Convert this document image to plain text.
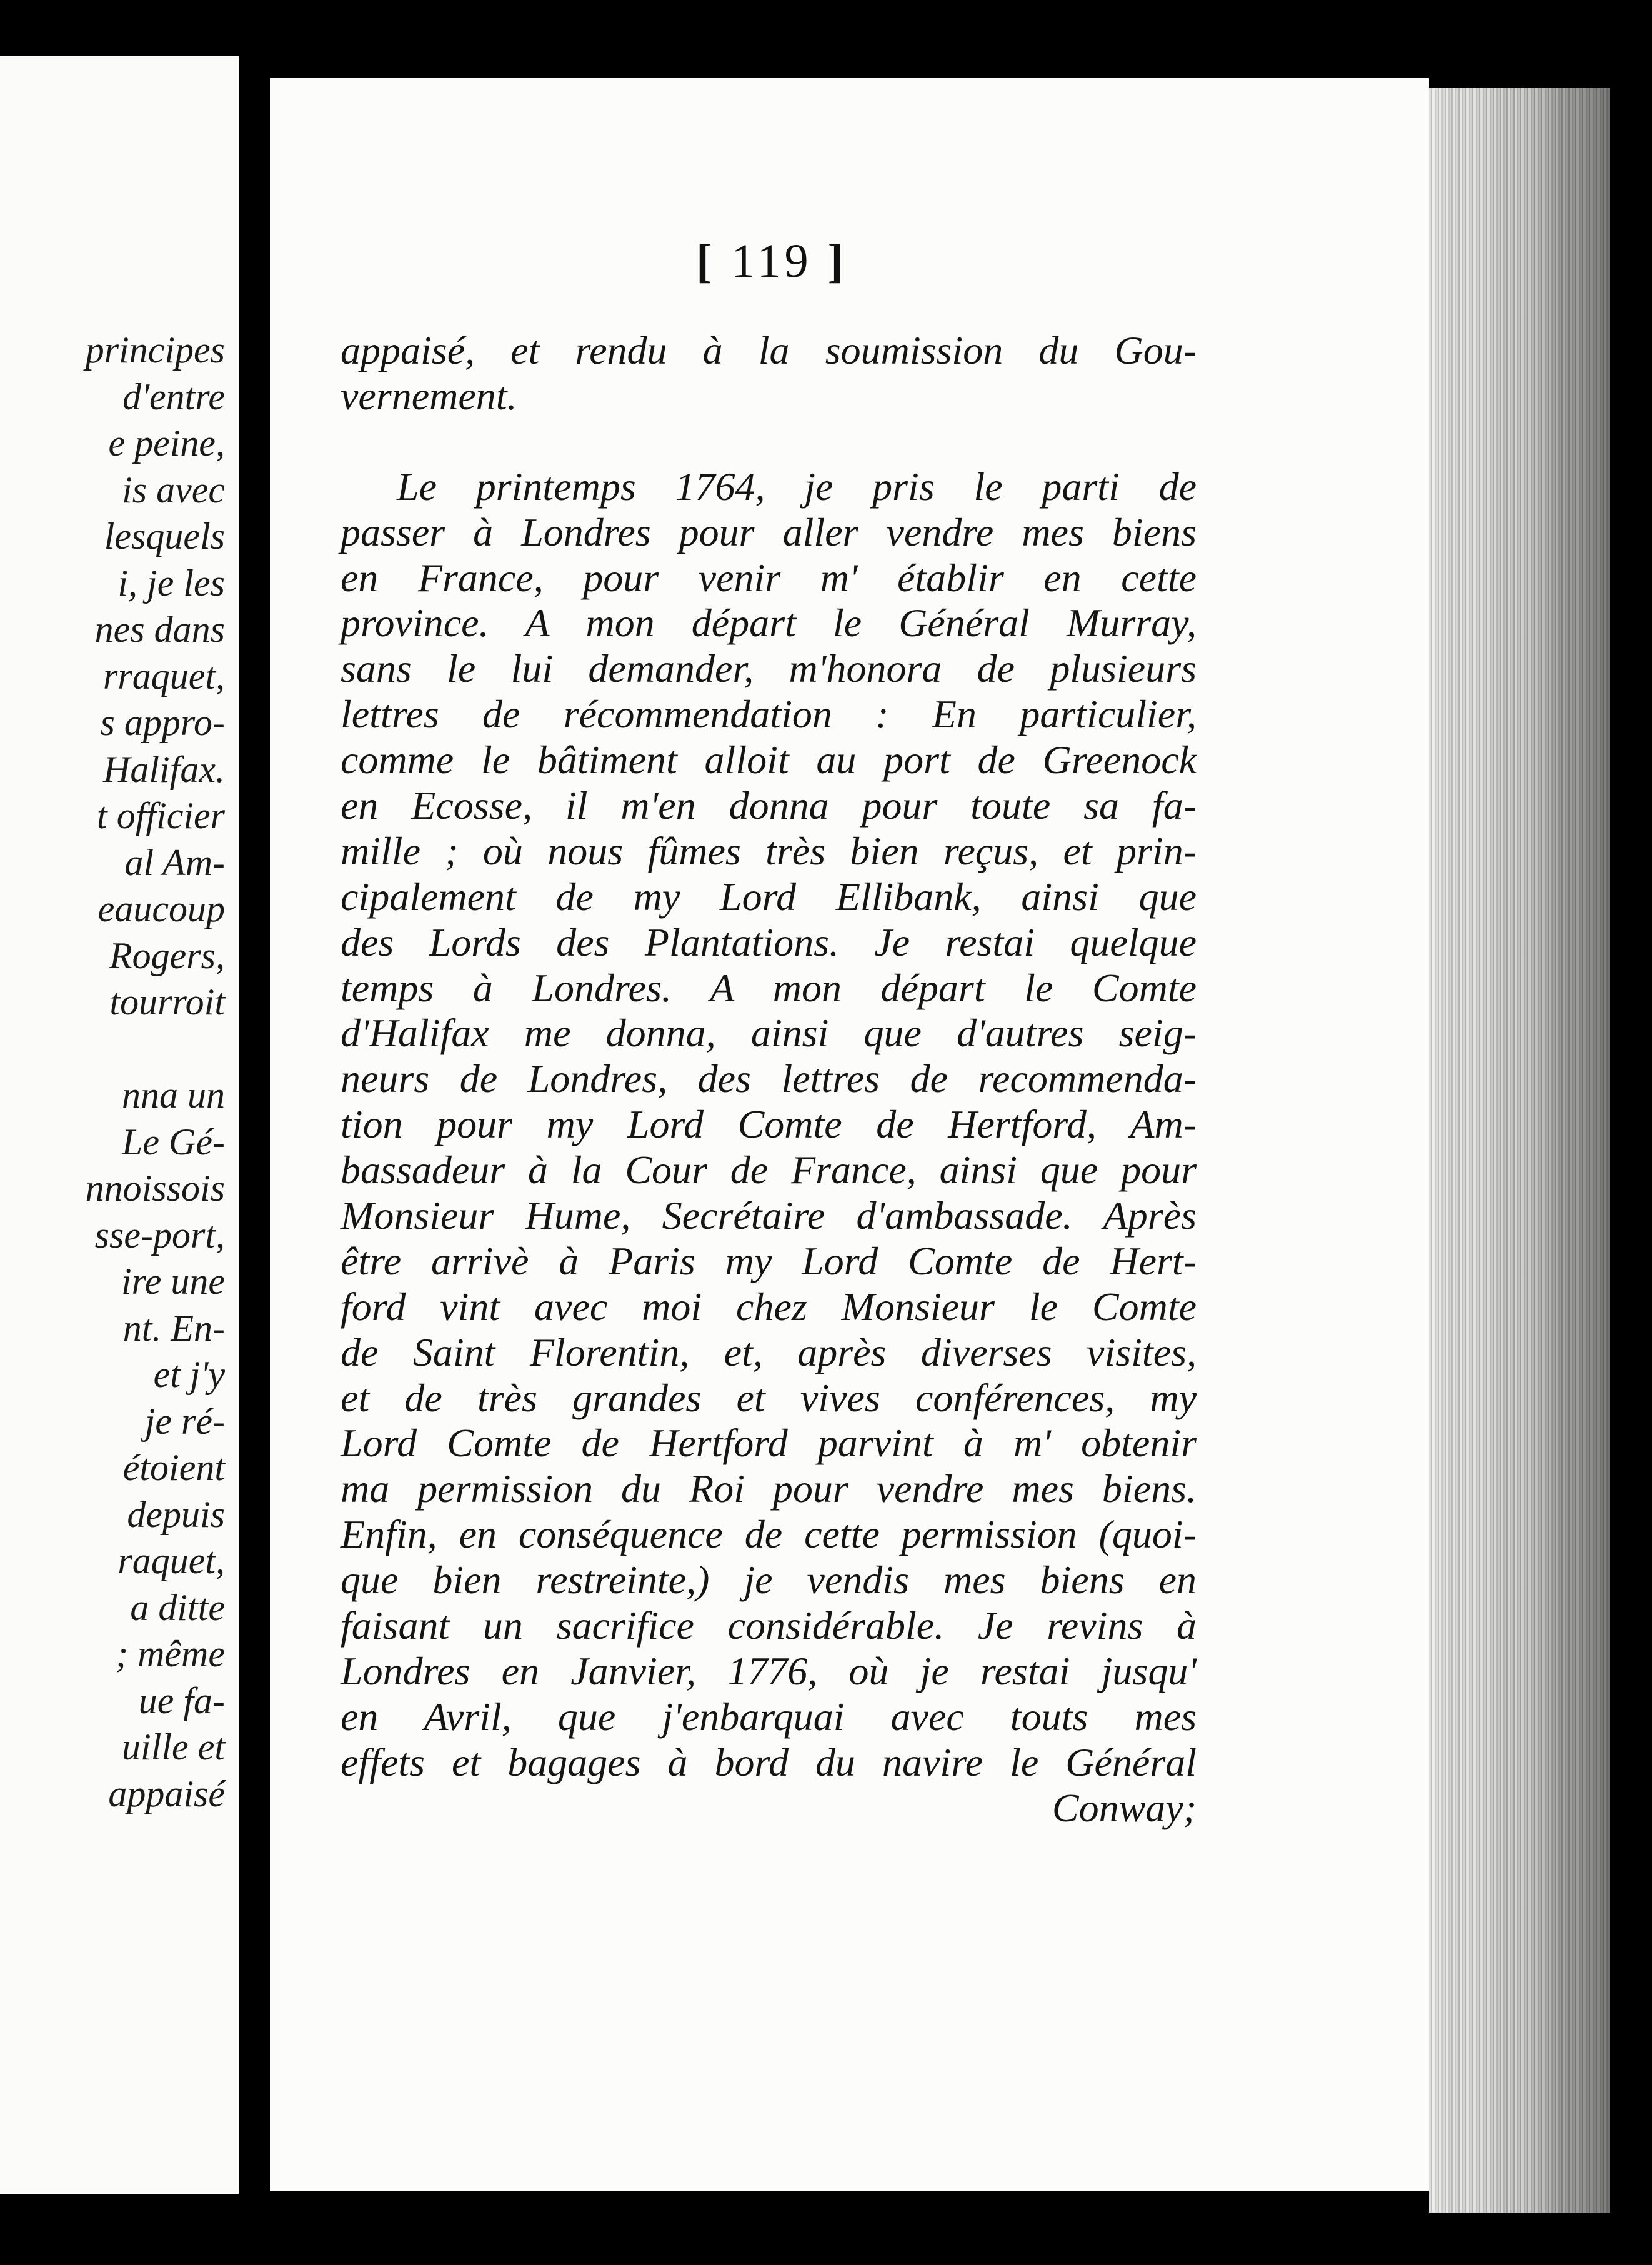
principes

d'entre

e peine,

is avec

lesquels

i, je les

nes dans

rraquet,

s appro-

Halifax.

t officier

al Am-

eaucoup

Rogers,

tourroit

nna un

Le Gé-

nnoissois

sse-port,

ire une

nt. En-

et j'y

je ré-

étoient

depuis

raquet,

a ditte

; même

ue fa-

uille et

appaisé

[ 119 ]

appaisé, et rendu à la soumission du Gou-
vernement.
Le printemps 1764, je pris le parti de
passer à Londres pour aller vendre mes biens
en France, pour venir m' établir en cette
province. A mon départ le Général Murray,
sans le lui demander, m'honora de plusieurs
lettres de récommendation : En particulier,
comme le bâtiment alloit au port de Greenock
en Ecosse, il m'en donna pour toute sa fa-
mille ; où nous fûmes très bien reçus, et prin-
cipalement de my Lord Ellibank, ainsi que
des Lords des Plantations. Je restai quelque
temps à Londres. A mon départ le Comte
d'Halifax me donna, ainsi que d'autres seig-
neurs de Londres, des lettres de recommenda-
tion pour my Lord Comte de Hertford, Am-
bassadeur à la Cour de France, ainsi que pour
Monsieur Hume, Secrétaire d'ambassade. Après
être arrivè à Paris my Lord Comte de Hert-
ford vint avec moi chez Monsieur le Comte
de Saint Florentin, et, après diverses visites,
et de très grandes et vives conférences, my
Lord Comte de Hertford parvint à m' obtenir
ma permission du Roi pour vendre mes biens.
Enfin, en conséquence de cette permission (quoi-
que bien restreinte,) je vendis mes biens en
faisant un sacrifice considérable. Je revins à
Londres en Janvier, 1776, où je restai jusqu'
en Avril, que j'enbarquai avec touts mes
effets et bagages à bord du navire le Général
Conway;
